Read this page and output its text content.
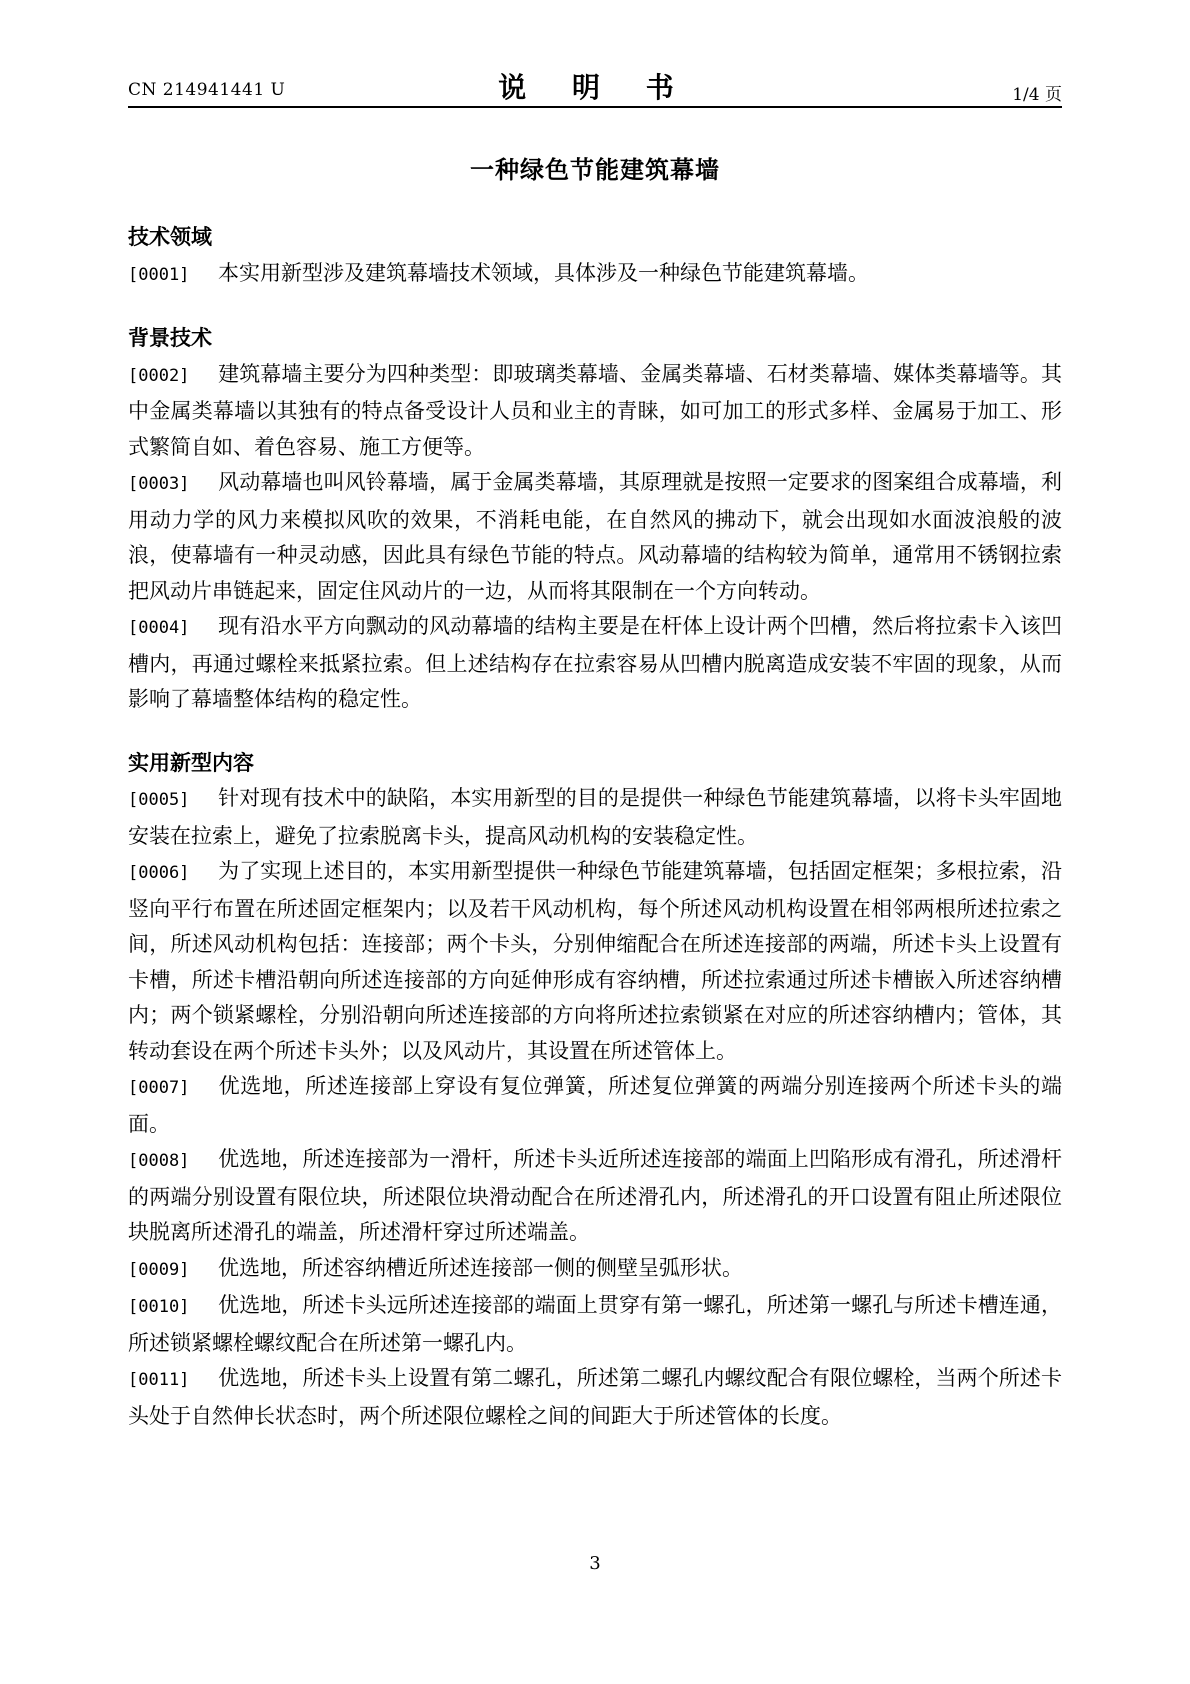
CN 214941441 U	说 明 书	1/4 页
一种绿色节能建筑幕墙

技术领域

[0001] 本实用新型涉及建筑幕墙技术领域，具体涉及一种绿色节能建筑幕墙。

背景技术

[0002] 建筑幕墙主要分为四种类型：即玻璃类幕墙、金属类幕墙、石材类幕墙、媒体类幕墙等。其中金属类幕墙以其独有的特点备受设计人员和业主的青睐，如可加工的形式多样、金属易于加工、形式繁简自如、着色容易、施工方便等。

[0003] 风动幕墙也叫风铃幕墙，属于金属类幕墙，其原理就是按照一定要求的图案组合成幕墙，利用动力学的风力来模拟风吹的效果，不消耗电能，在自然风的拂动下，就会出现如水面波浪般的波浪，使幕墙有一种灵动感，因此具有绿色节能的特点。风动幕墙的结构较为简单，通常用不锈钢拉索把风动片串链起来，固定住风动片的一边，从而将其限制在一个方向转动。

[0004] 现有沿水平方向飘动的风动幕墙的结构主要是在杆体上设计两个凹槽，然后将拉索卡入该凹槽内，再通过螺栓来抵紧拉索。但上述结构存在拉索容易从凹槽内脱离造成安装不牢固的现象，从而影响了幕墙整体结构的稳定性。

实用新型内容

[0005] 针对现有技术中的缺陷，本实用新型的目的是提供一种绿色节能建筑幕墙，以将卡头牢固地安装在拉索上，避免了拉索脱离卡头，提高风动机构的安装稳定性。

[0006] 为了实现上述目的，本实用新型提供一种绿色节能建筑幕墙，包括固定框架；多根拉索，沿竖向平行布置在所述固定框架内；以及若干风动机构，每个所述风动机构设置在相邻两根所述拉索之间，所述风动机构包括：连接部；两个卡头，分别伸缩配合在所述连接部的两端，所述卡头上设置有卡槽，所述卡槽沿朝向所述连接部的方向延伸形成有容纳槽，所述拉索通过所述卡槽嵌入所述容纳槽内；两个锁紧螺栓，分别沿朝向所述连接部的方向将所述拉索锁紧在对应的所述容纳槽内；管体，其转动套设在两个所述卡头外；以及风动片，其设置在所述管体上。

[0007] 优选地，所述连接部上穿设有复位弹簧，所述复位弹簧的两端分别连接两个所述卡头的端面。

[0008] 优选地，所述连接部为一滑杆，所述卡头近所述连接部的端面上凹陷形成有滑孔，所述滑杆的两端分别设置有限位块，所述限位块滑动配合在所述滑孔内，所述滑孔的开口设置有阻止所述限位块脱离所述滑孔的端盖，所述滑杆穿过所述端盖。

[0009] 优选地，所述容纳槽近所述连接部一侧的侧壁呈弧形状。

[0010] 优选地，所述卡头远所述连接部的端面上贯穿有第一螺孔，所述第一螺孔与所述卡槽连通，所述锁紧螺栓螺纹配合在所述第一螺孔内。

[0011] 优选地，所述卡头上设置有第二螺孔，所述第二螺孔内螺纹配合有限位螺栓，当两个所述卡头处于自然伸长状态时，两个所述限位螺栓之间的间距大于所述管体的长度。

3
